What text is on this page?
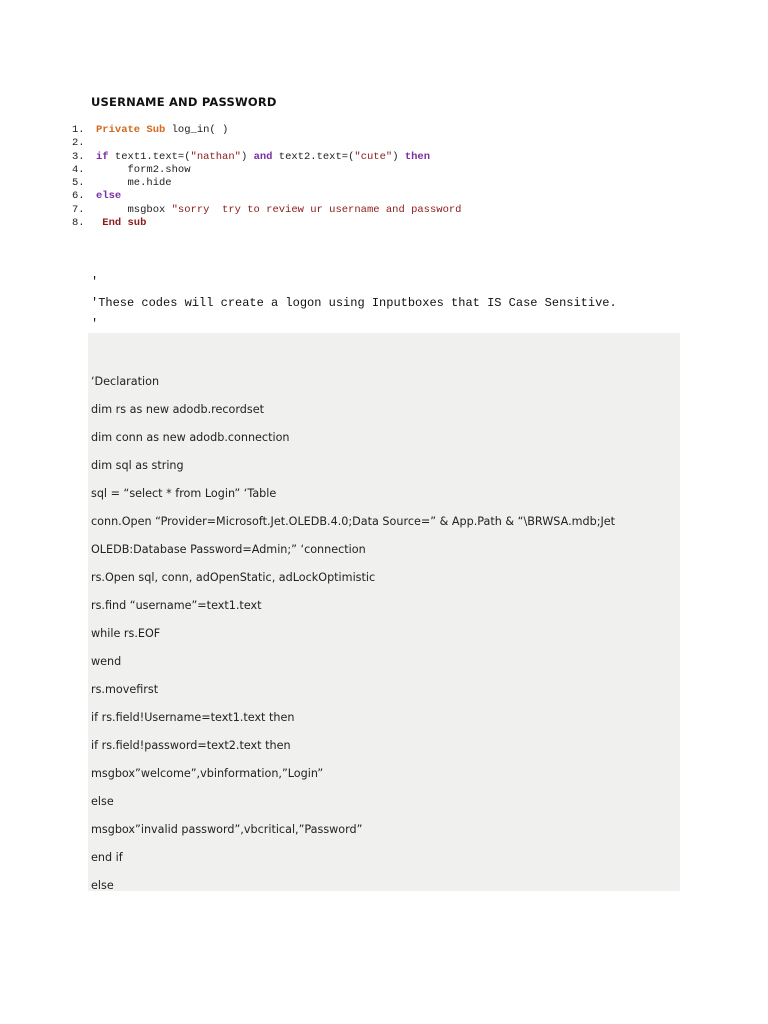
USERNAME AND PASSWORD
1.	Private Sub log_in( )
2.
3.	if text1.text=("nathan") and text2.text=("cute") then
4.	form2.show
5.	me.hide
6.	else
7.	msgbox "sorry  try to review ur username and password
8.	End sub
'
'These codes will create a logon using Inputboxes that IS Case Sensitive.
'
‘Declaration
dim rs as new adodb.recordset
dim conn as new adodb.connection
dim sql as string
sql = “select * from Login” ‘Table
conn.Open “Provider=Microsoft.Jet.OLEDB.4.0;Data Source=” & App.Path & “\BRWSA.mdb;Jet
OLEDB:Database Password=Admin;” ‘connection
rs.Open sql, conn, adOpenStatic, adLockOptimistic
rs.find “username”=text1.text
while rs.EOF
wend
rs.movefirst
if rs.field!Username=text1.text then
if rs.field!password=text2.text then
msgbox”welcome”,vbinformation,”Login”
else
msgbox”invalid password”,vbcritical,”Password”
end if
else
